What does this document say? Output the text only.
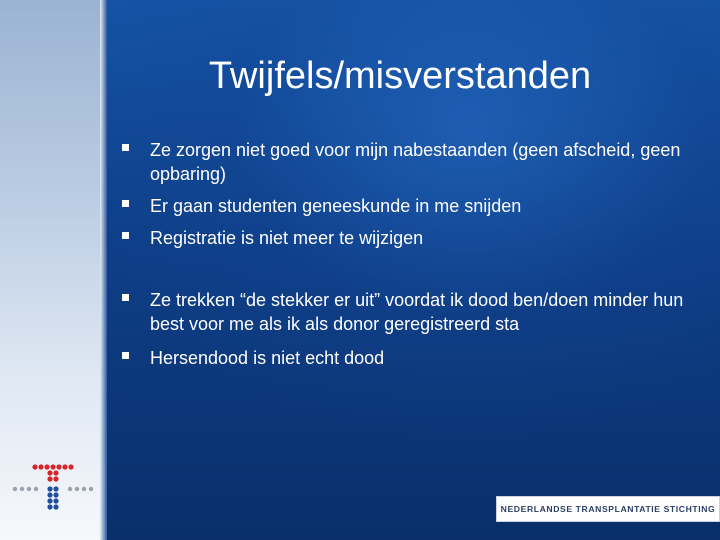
Twijfels/misverstanden
Ze zorgen niet goed voor mijn nabestaanden (geen afscheid, geen opbaring)
Er gaan studenten geneeskunde in me snijden
Registratie is niet meer te wijzigen
Ze trekken “de stekker er uit” voordat ik dood ben/doen minder hun best voor me als ik als donor geregistreerd sta
Hersendood is niet echt dood
NEDERLANDSE TRANSPLANTATIE STICHTING
